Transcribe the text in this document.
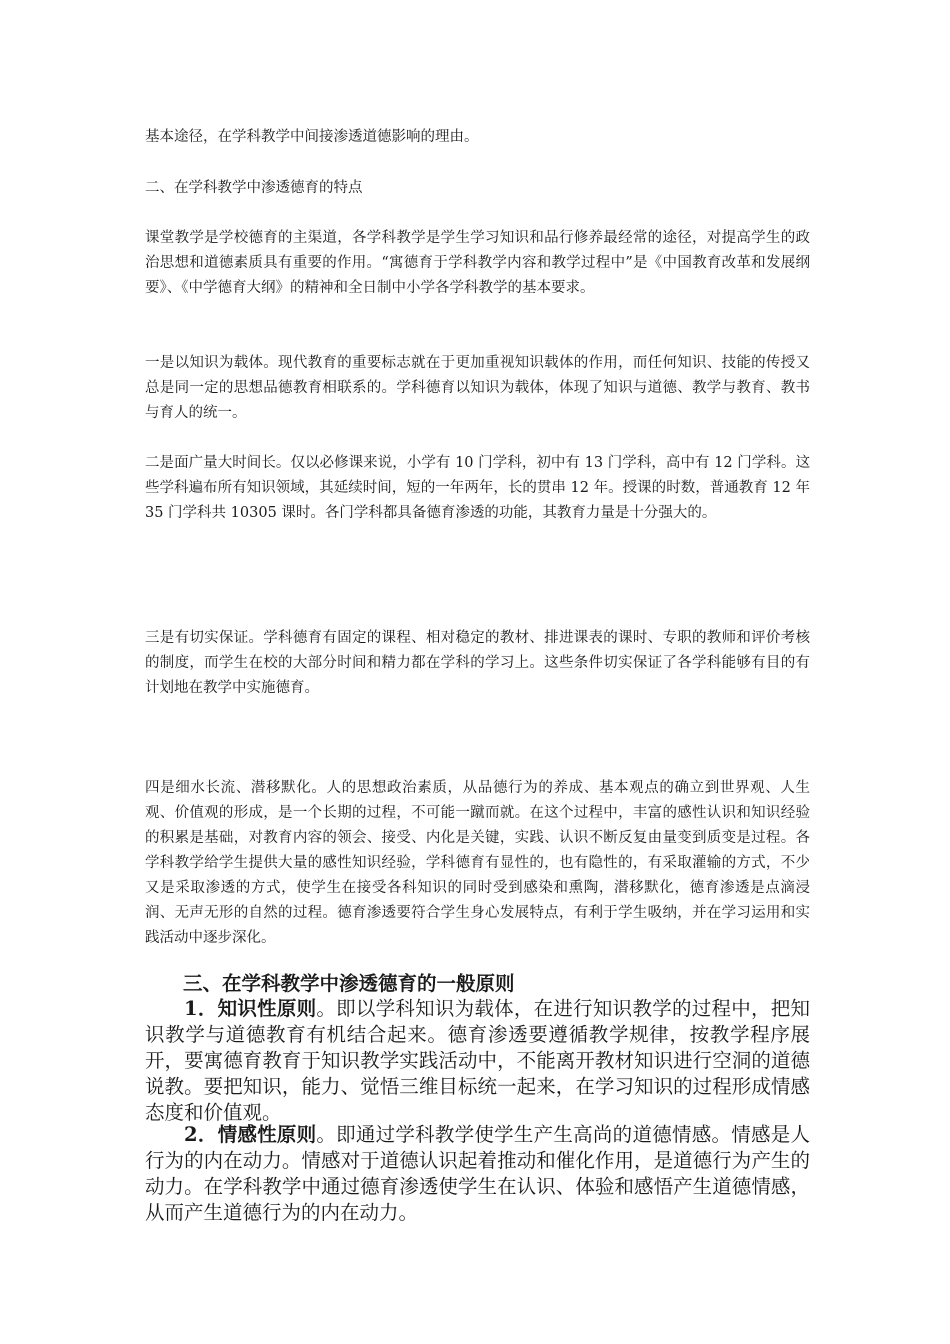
基本途径，在学科教学中间接渗透道德影响的理由。

二、在学科教学中渗透德育的特点

课堂教学是学校德育的主渠道，各学科教学是学生学习知识和品行修养最经常的途径，对提高学生的政治思想和道德素质具有重要的作用。“寓德育于学科教学内容和教学过程中”是《中国教育改革和发展纲要》、《中学德育大纲》的精神和全日制中小学各学科教学的基本要求。

一是以知识为载体。现代教育的重要标志就在于更加重视知识载体的作用，而任何知识、技能的传授又总是同一定的思想品德教育相联系的。学科德育以知识为载体，体现了知识与道德、教学与教育、教书与育人的统一。

二是面广量大时间长。仅以必修课来说，小学有 10 门学科，初中有 13 门学科，高中有 12 门学科。这些学科遍布所有知识领域，其延续时间，短的一年两年，长的贯串 12 年。授课的时数，普通教育 12 年 35 门学科共 10305 课时。各门学科都具备德育渗透的功能，其教育力量是十分强大的。

三是有切实保证。学科德育有固定的课程、相对稳定的教材、排进课表的课时、专职的教师和评价考核的制度，而学生在校的大部分时间和精力都在学科的学习上。这些条件切实保证了各学科能够有目的有计划地在教学中实施德育。

四是细水长流、潜移默化。人的思想政治素质，从品德行为的养成、基本观点的确立到世界观、人生观、价值观的形成，是一个长期的过程，不可能一蹴而就。在这个过程中，丰富的感性认识和知识经验的积累是基础，对教育内容的领会、接受、内化是关键，实践、认识不断反复由量变到质变是过程。各学科教学给学生提供大量的感性知识经验，学科德育有显性的，也有隐性的，有采取灌输的方式，不少又是采取渗透的方式，使学生在接受各科知识的同时受到感染和熏陶，潜移默化，德育渗透是点滴浸润、无声无形的自然的过程。德育渗透要符合学生身心发展特点，有利于学生吸纳，并在学习运用和实践活动中逐步深化。

三、在学科教学中渗透德育的一般原则

1．知识性原则。即以学科知识为载体，在进行知识教学的过程中，把知识教学与道德教育有机结合起来。德育渗透要遵循教学规律，按教学程序展开，要寓德育教育于知识教学实践活动中，不能离开教材知识进行空洞的道德说教。要把知识，能力、觉悟三维目标统一起来，在学习知识的过程形成情感态度和价值观。

2．情感性原则。即通过学科教学使学生产生高尚的道德情感。情感是人行为的内在动力。情感对于道德认识起着推动和催化作用，是道德行为产生的动力。在学科教学中通过德育渗透使学生在认识、体验和感悟产生道德情感，从而产生道德行为的内在动力。
